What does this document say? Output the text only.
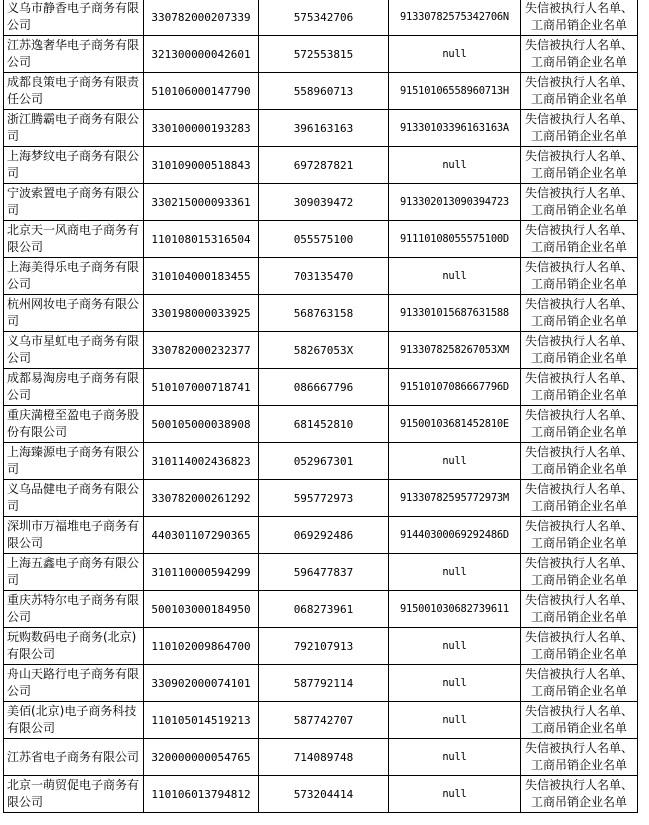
义乌市静香电子商务有限公司	330782000207339	575342706	91330782575342706N	失信被执行人名单、工商吊销企业名单
江苏逸奢华电子商务有限公司	321300000042601	572553815	null	失信被执行人名单、工商吊销企业名单
成都良策电子商务有限责任公司	510106000147790	558960713	91510106558960713H	失信被执行人名单、工商吊销企业名单
浙江腾霸电子商务有限公司	330100000193283	396163163	91330103396163163A	失信被执行人名单、工商吊销企业名单
上海梦纹电子商务有限公司	310109000518843	697287821	null	失信被执行人名单、工商吊销企业名单
宁波索置电子商务有限公司	330215000093361	309039472	91330201309039472З	失信被执行人名单、工商吊销企业名单
北京天一风商电子商务有限公司	110108015316504	055575100	91110108055575100D	失信被执行人名单、工商吊销企业名单
上海美得乐电子商务有限公司	310104000183455	703135470	null	失信被执行人名单、工商吊销企业名单
杭州网妆电子商务有限公司	330198000033925	568763158	913301015687631588	失信被执行人名单、工商吊销企业名单
义乌市星虹电子商务有限公司	330782000232377	58267053X	9133078258267053XM	失信被执行人名单、工商吊销企业名单
成都易淘房电子商务有限公司	510107000718741	086667796	91510107086667796D	失信被执行人名单、工商吊销企业名单
重庆満橙至盈电子商务股份有限公司	500105000038908	681452810	91500103681452810E	失信被执行人名单、工商吊销企业名单
上海臻源电子商务有限公司	310114002436823	052967301	null	失信被执行人名单、工商吊销企业名单
义乌品健电子商务有限公司	330782000261292	595772973	91330782595772973M	失信被执行人名单、工商吊销企业名单
深圳市万福堆电子商务有限公司	440301107290365	069292486	91440300069292486D	失信被执行人名单、工商吊销企业名单
上海五鑫电子商务有限公司	310110000594299	596477837	null	失信被执行人名单、工商吊销企业名单
重庆苏特尔电子商务有限公司	500103000184950	068273961	915001030682739611	失信被执行人名单、工商吊销企业名单
玩购数码电子商务(北京)有限公司	110102009864700	792107913	null	失信被执行人名单、工商吊销企业名单
舟山天路行电子商务有限公司	330902000074101	587792114	null	失信被执行人名单、工商吊销企业名单
美佰(北京)电子商务科技有限公司	110105014519213	587742707	null	失信被执行人名单、工商吊销企业名单
江苏省电子商务有限公司	320000000054765	714089748	null	失信被执行人名单、工商吊销企业名单
北京一萌贸促电子商务有限公司	110106013794812	573204414	null	失信被执行人名单、工商吊销企业名单
